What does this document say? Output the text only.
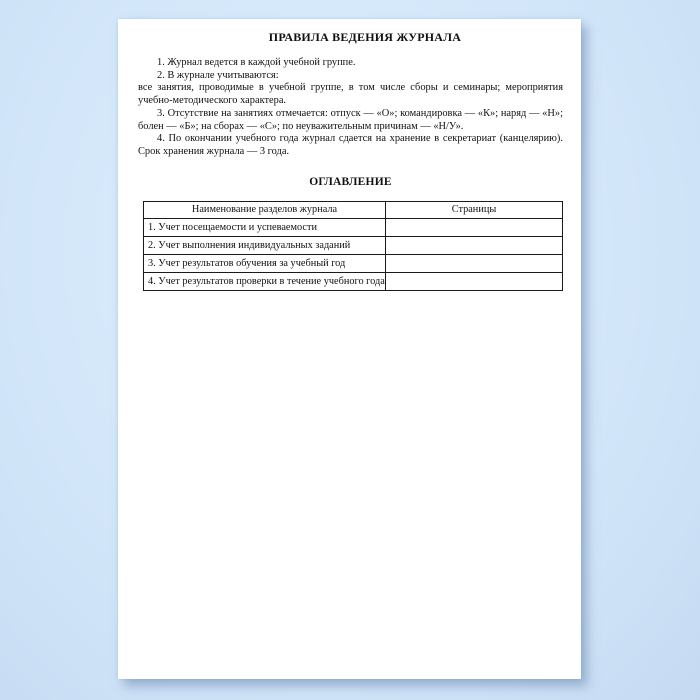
ПРАВИЛА ВЕДЕНИЯ ЖУРНАЛА

1. Журнал ведется в каждой учебной группе.

2. В журнале учитываются:

все занятия, проводимые в учебной группе, в том числе сборы и семинары; мероприятия учебно-методического характера.

3. Отсутствие на занятиях отмечается: отпуск — «О»; командировка — «К»; наряд — «Н»; болен — «Б»; на сборах — «С»; по неуважительным причинам — «Н/У».

4. По окончании учебного года журнал сдается на хранение в секретариат (канцелярию). Срок хранения журнала — 3 года.

ОГЛАВЛЕНИЕ
Наименование разделов журнала	Страницы
1. Учет посещаемости и успеваемости	
2. Учет выполнения индивидуальных заданий	
3. Учет результатов обучения за учебный год	
4. Учет результатов проверки в течение учебного года	
